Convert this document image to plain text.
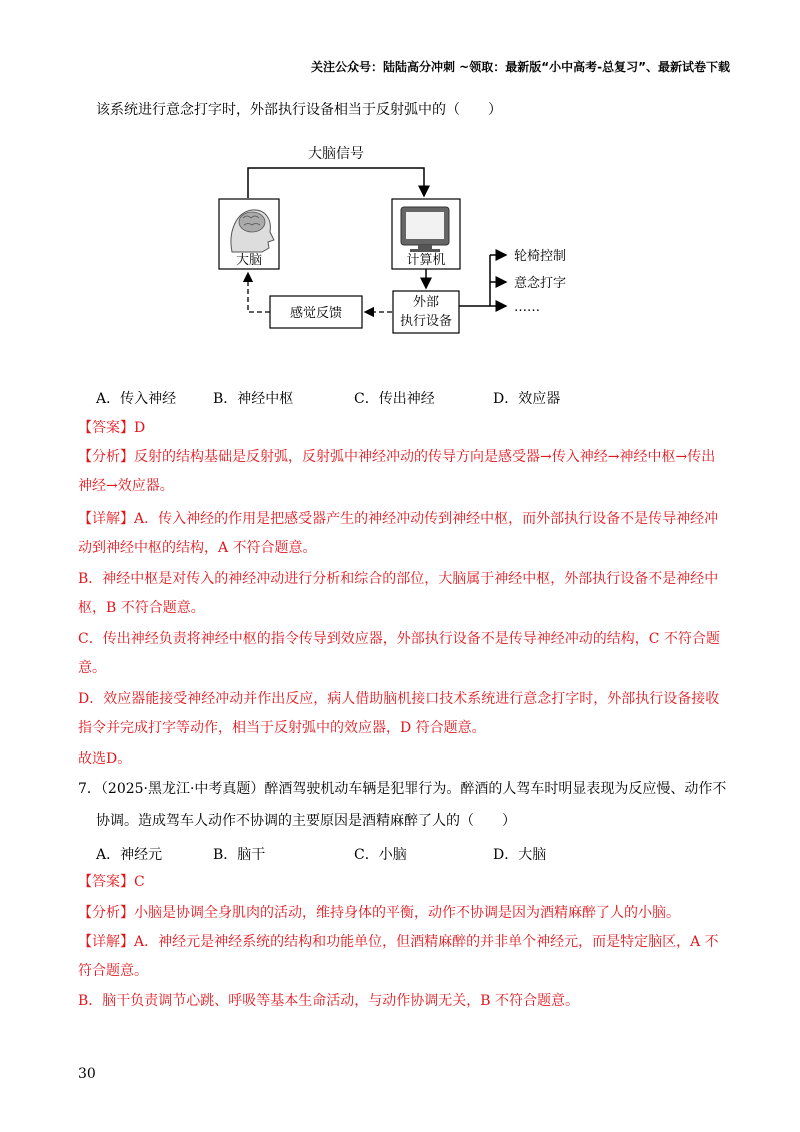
关注公众号：陆陆高分冲刺 ~领取：最新版“小中高考-总复习”、最新试卷下载
该系统进行意念打字时，外部执行设备相当于反射弧中的（　　）
大脑信号
大脑	计算机
外部
执行设备
感觉反馈
轮椅控制
意念打字
……
A．传入神经	B．神经中枢	C．传出神经	D．效应器
【答案】D
【分析】反射的结构基础是反射弧，反射弧中神经冲动的传导方向是感受器→传入神经→神经中枢→传出
神经→效应器。
【详解】A．传入神经的作用是把感受器产生的神经冲动传到神经中枢，而外部执行设备不是传导神经冲
动到神经中枢的结构，A 不符合题意。
B．神经中枢是对传入的神经冲动进行分析和综合的部位，大脑属于神经中枢，外部执行设备不是神经中
枢，B 不符合题意。
C．传出神经负责将神经中枢的指令传导到效应器，外部执行设备不是传导神经冲动的结构，C 不符合题
意。
D．效应器能接受神经冲动并作出反应，病人借助脑机接口技术系统进行意念打字时，外部执行设备接收
指令并完成打字等动作，相当于反射弧中的效应器，D 符合题意。
故选D。
7．（2025·黑龙江·中考真题）醉酒驾驶机动车辆是犯罪行为。醉酒的人驾车时明显表现为反应慢、动作不
协调。造成驾车人动作不协调的主要原因是酒精麻醉了人的（　　）
A．神经元	B．脑干	C．小脑	D．大脑
【答案】C
【分析】小脑是协调全身肌肉的活动，维持身体的平衡，动作不协调是因为酒精麻醉了人的小脑。
【详解】A．神经元是神经系统的结构和功能单位，但酒精麻醉的并非单个神经元，而是特定脑区，A 不
符合题意。
B．脑干负责调节心跳、呼吸等基本生命活动，与动作协调无关，B 不符合题意。
30
